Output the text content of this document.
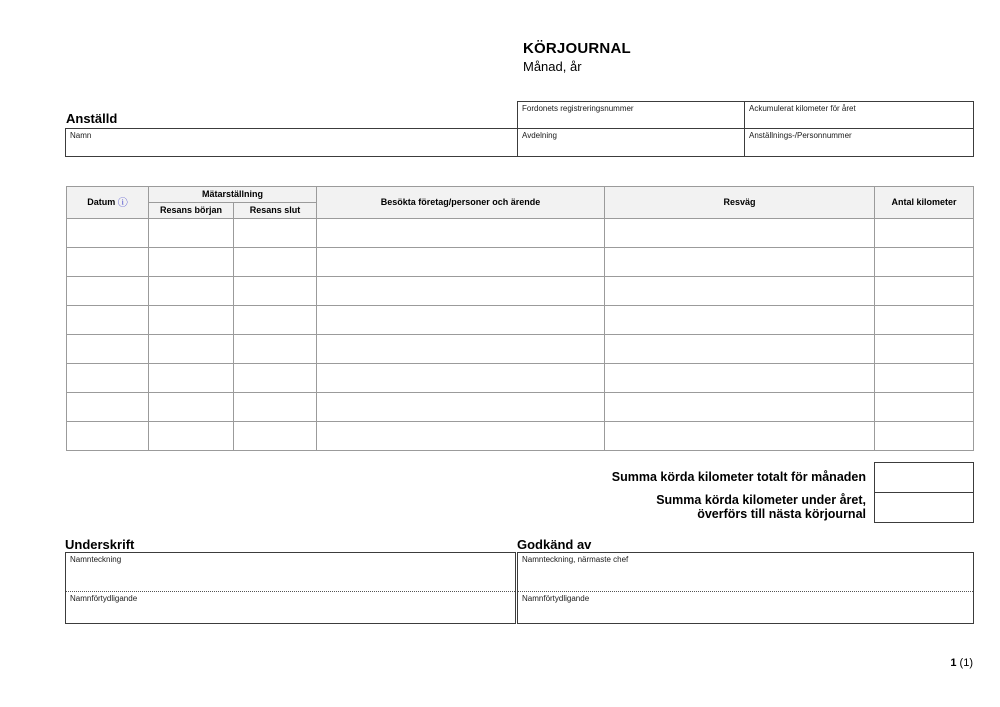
KÖRJOURNAL
Månad, år
Anställd
Fordonets registreringsnummer	Ackumulerat kilometer för året
Namn	Avdelning	Anställnings-/Personnummer
Datum ⓘ	Mätarställning		Besökta företag/personer och ärende	Resväg	Antal kilometer
	Resans början	Resans slut			

Summa körda kilometer totalt för månaden
Summa körda kilometer under året,
överförs till nästa körjournal
Underskrift
Namnteckning
Namnförtydligande
Godkänd av
Namnteckning, närmaste chef
Namnförtydligande
1 (1)
